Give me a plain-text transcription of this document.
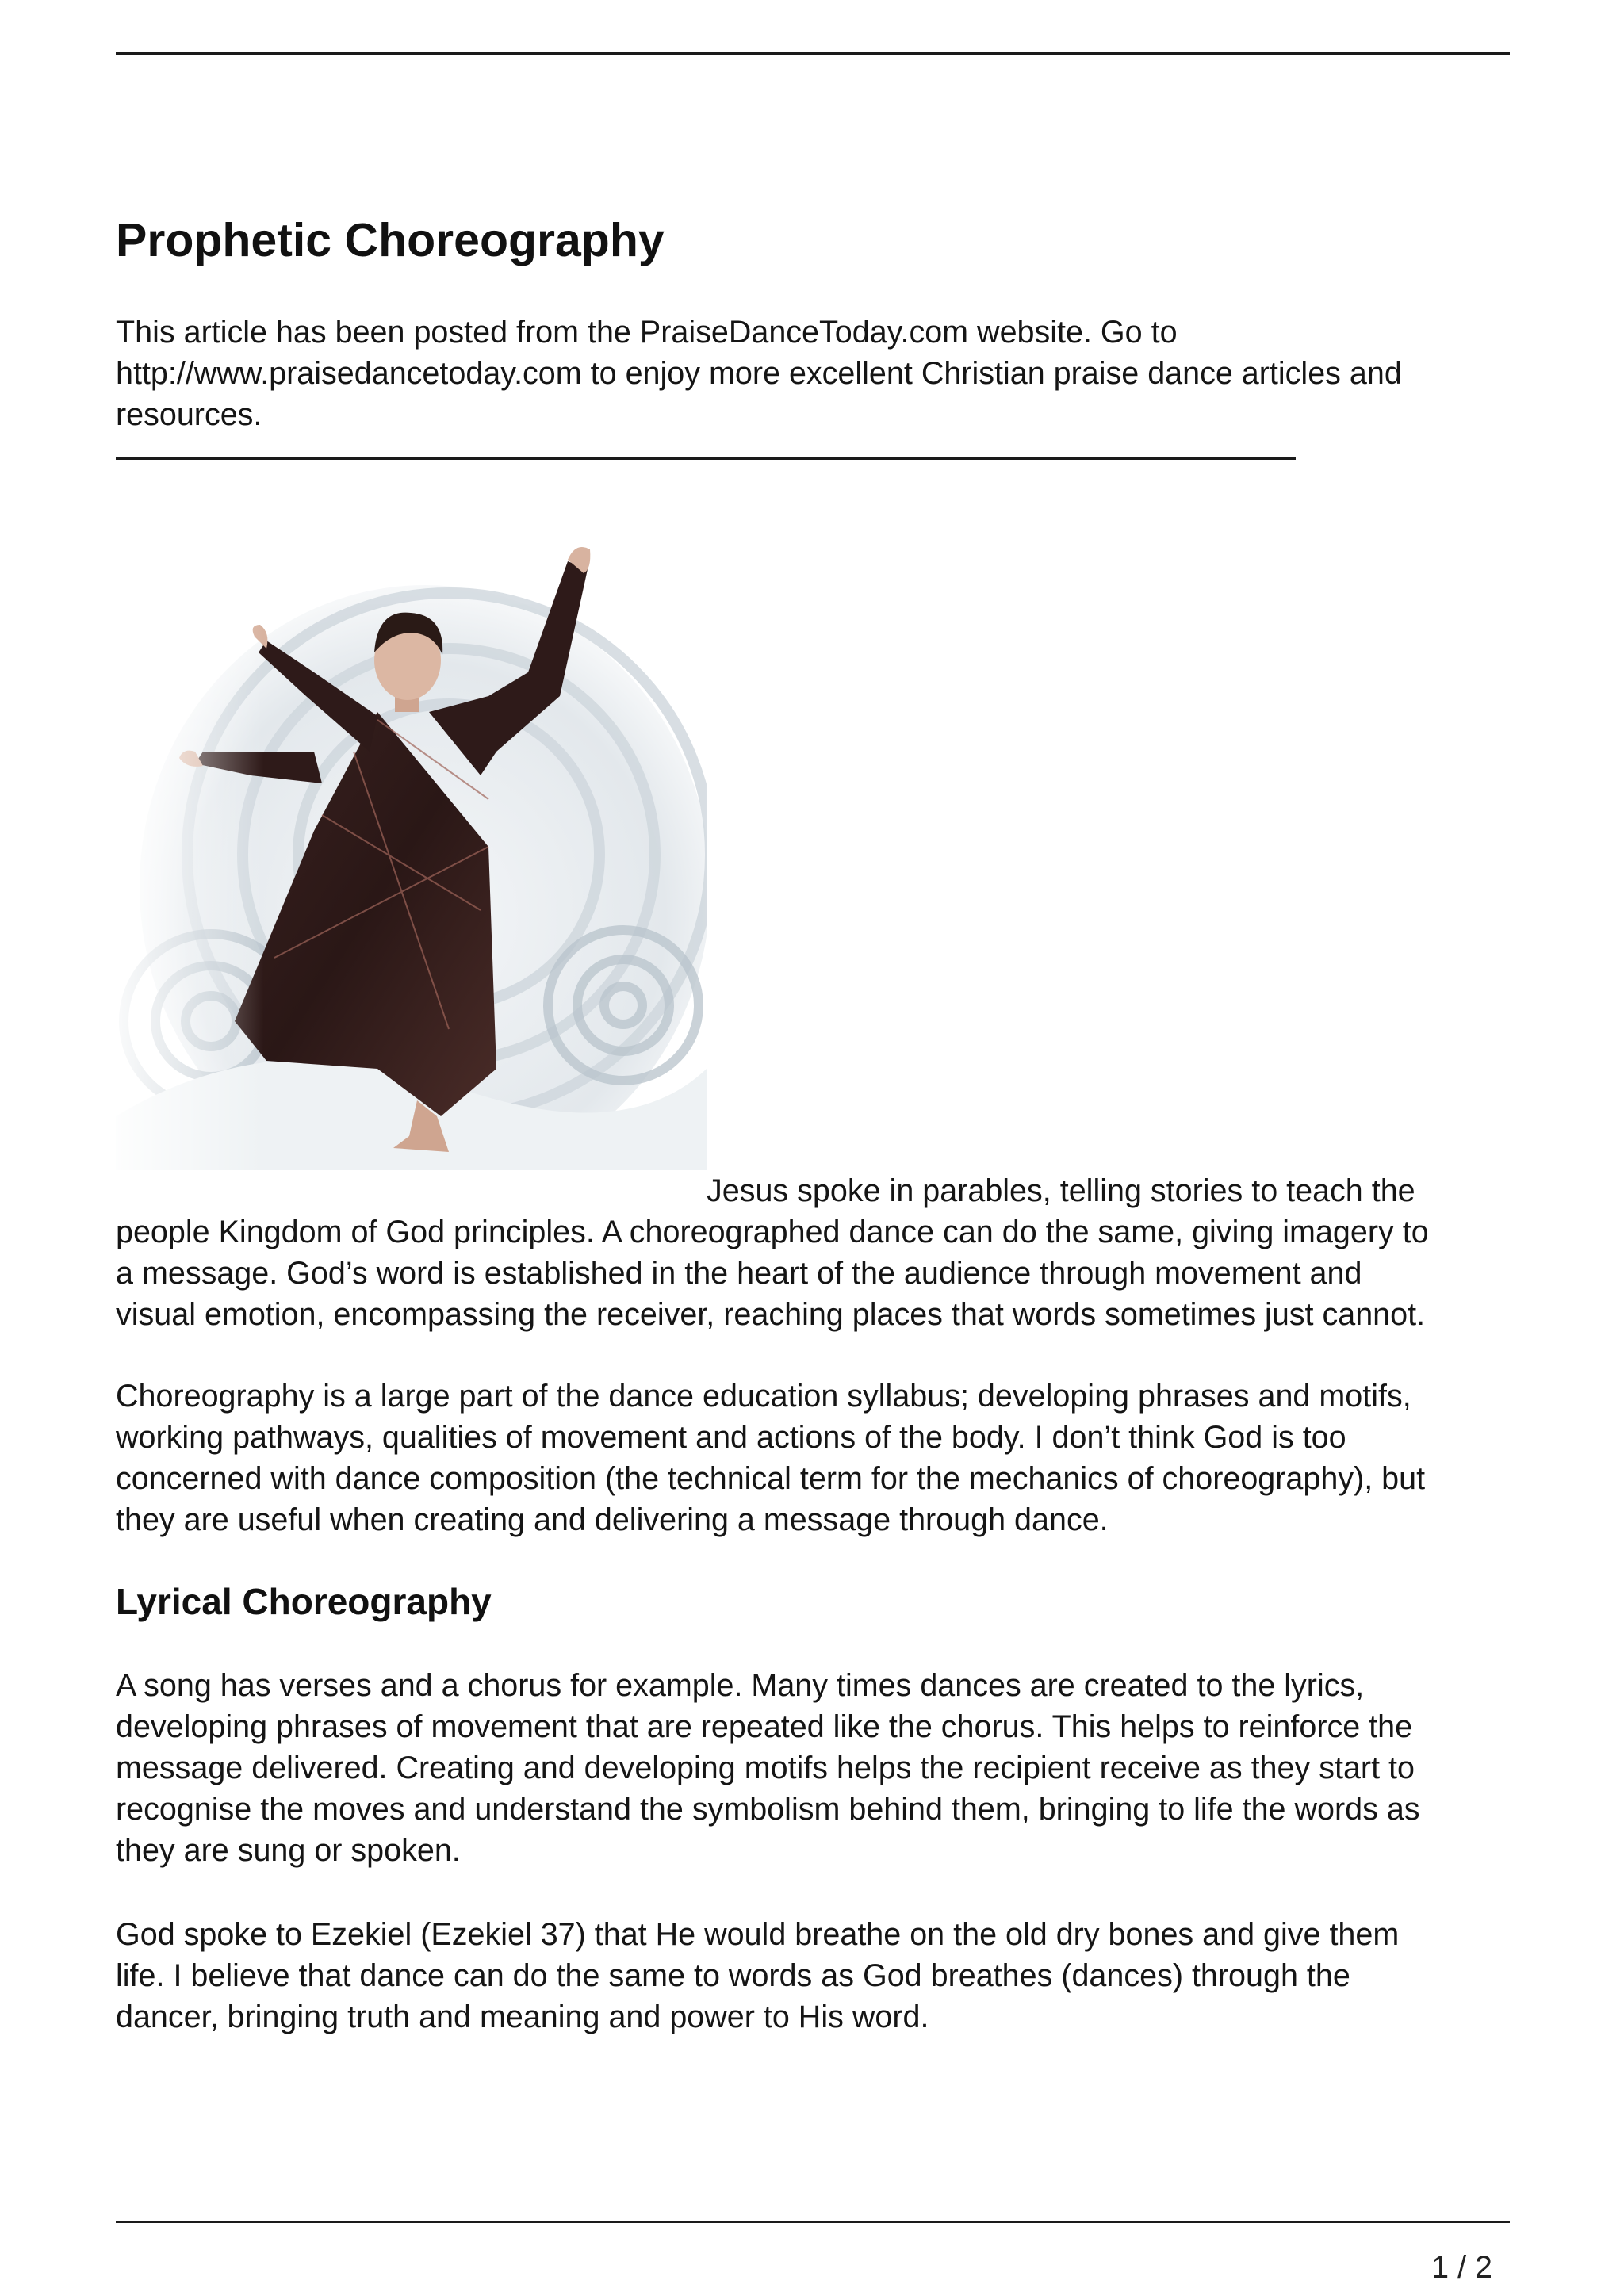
Prophetic Choreography
This article has been posted from the PraiseDanceToday.com website. Go to
http://www.praisedancetoday.com to enjoy more excellent Christian praise dance articles and
resources.
Jesus spoke in parables, telling stories to teach the
people Kingdom of God principles. A choreographed dance can do the same, giving imagery to
a message. God’s word is established in the heart of the audience through movement and
visual emotion, encompassing the receiver, reaching places that words sometimes just cannot.
Choreography is a large part of the dance education syllabus; developing phrases and motifs,
working pathways, qualities of movement and actions of the body. I don’t think God is too
concerned with dance composition (the technical term for the mechanics of choreography), but
they are useful when creating and delivering a message through dance.
Lyrical Choreography
A song has verses and a chorus for example. Many times dances are created to the lyrics,
developing phrases of movement that are repeated like the chorus. This helps to reinforce the
message delivered. Creating and developing motifs helps the recipient receive as they start to
recognise the moves and understand the symbolism behind them, bringing to life the words as
they are sung or spoken.
God spoke to Ezekiel (Ezekiel 37) that He would breathe on the old dry bones and give them
life. I believe that dance can do the same to words as God breathes (dances) through the
dancer, bringing truth and meaning and power to His word.
1 / 2
